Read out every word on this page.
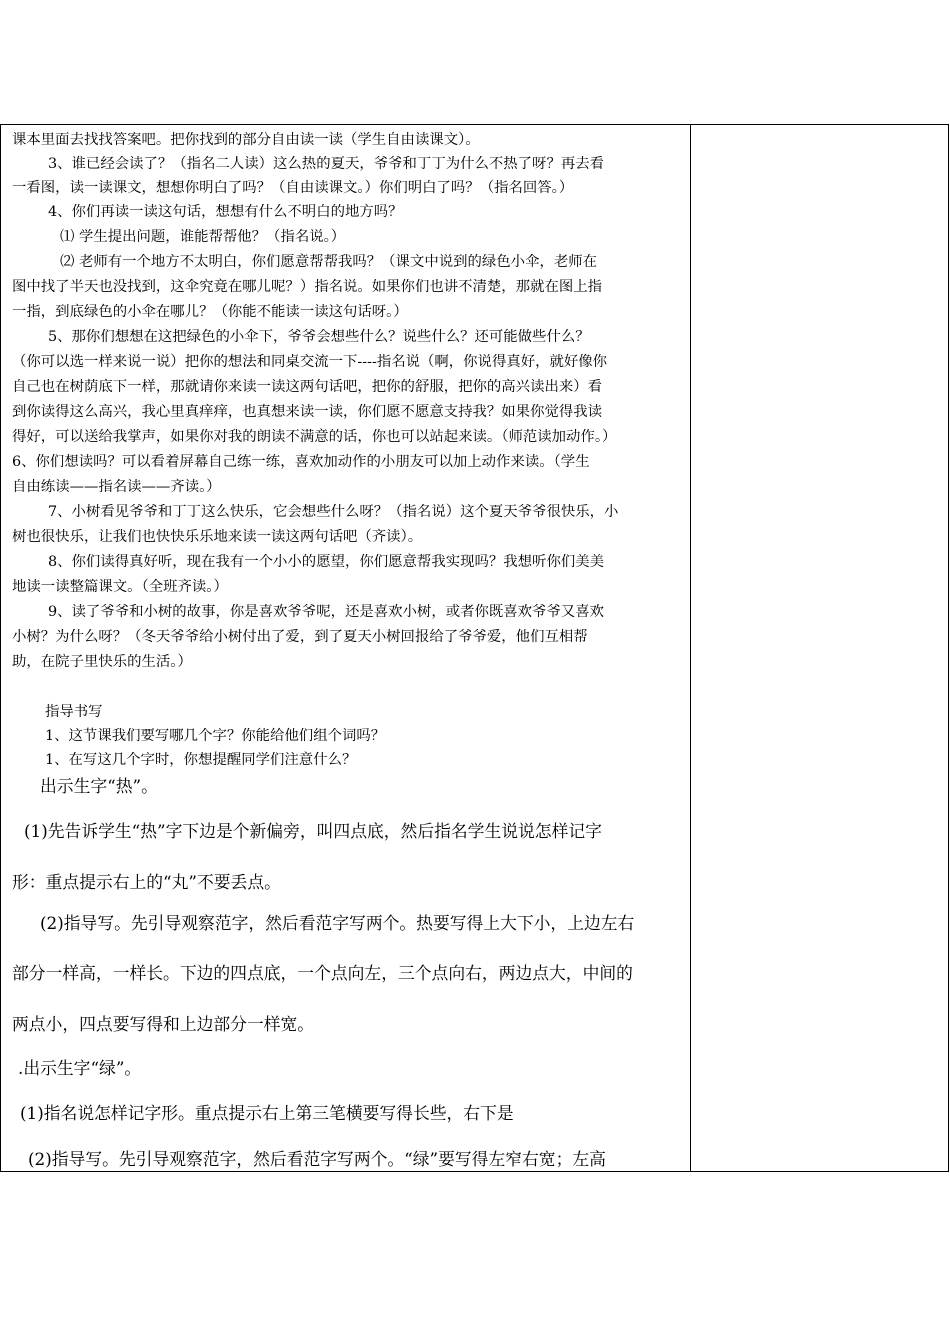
课本里面去找找答案吧。把你找到的部分自由读一读（学生自由读课文）。
3、谁已经会读了？（指名二人读）这么热的夏天，爷爷和丁丁为什么不热了呀？再去看
一看图，读一读课文，想想你明白了吗？（自由读课文。）你们明白了吗？（指名回答。）
4、你们再读一读这句话，想想有什么不明白的地方吗？
⑴ 学生提出问题，谁能帮帮他？（指名说。）
⑵ 老师有一个地方不太明白，你们愿意帮帮我吗？（课文中说到的绿色小伞，老师在
图中找了半天也没找到，这伞究竟在哪儿呢？）指名说。如果你们也讲不清楚，那就在图上指
一指，到底绿色的小伞在哪儿？（你能不能读一读这句话呀。）
5、那你们想想在这把绿色的小伞下，爷爷会想些什么？说些什么？还可能做些什么？
（你可以选一样来说一说）把你的想法和同桌交流一下----指名说（啊，你说得真好，就好像你
自己也在树荫底下一样，那就请你来读一读这两句话吧，把你的舒服，把你的高兴读出来）看
到你读得这么高兴，我心里真痒痒，也真想来读一读，你们愿不愿意支持我？如果你觉得我读
得好，可以送给我掌声，如果你对我的朗读不满意的话，你也可以站起来读。（师范读加动作。）
6、你们想读吗？可以看着屏幕自己练一练，喜欢加动作的小朋友可以加上动作来读。（学生
自由练读——指名读——齐读。）
7、小树看见爷爷和丁丁这么快乐，它会想些什么呀？（指名说）这个夏天爷爷很快乐，小
树也很快乐，让我们也快快乐乐地来读一读这两句话吧（齐读）。
8、你们读得真好听，现在我有一个小小的愿望，你们愿意帮我实现吗？我想听你们美美
地读一读整篇课文。（全班齐读。）
9、读了爷爷和小树的故事，你是喜欢爷爷呢，还是喜欢小树，或者你既喜欢爷爷又喜欢
小树？为什么呀？（冬天爷爷给小树付出了爱，到了夏天小树回报给了爷爷爱，他们互相帮
助，在院子里快乐的生活。）
指导书写
1、这节课我们要写哪几个字？你能给他们组个词吗？
1、在写这几个字时，你想提醒同学们注意什么？
出示生字“热”。
(1)先告诉学生“热”字下边是个新偏旁，叫四点底，然后指名学生说说怎样记字
形：重点提示右上的“丸”不要丢点。
(2)指导写。先引导观察范字，然后看范字写两个。热要写得上大下小，上边左右
部分一样高，一样长。下边的四点底，一个点向左，三个点向右，两边点大，中间的
两点小，四点要写得和上边部分一样宽。
.出示生字“绿”。
(1)指名说怎样记字形。重点提示右上第三笔横要写得长些，右下是
(2)指导写。先引导观察范字，然后看范字写两个。“绿”要写得左窄右宽；左高
